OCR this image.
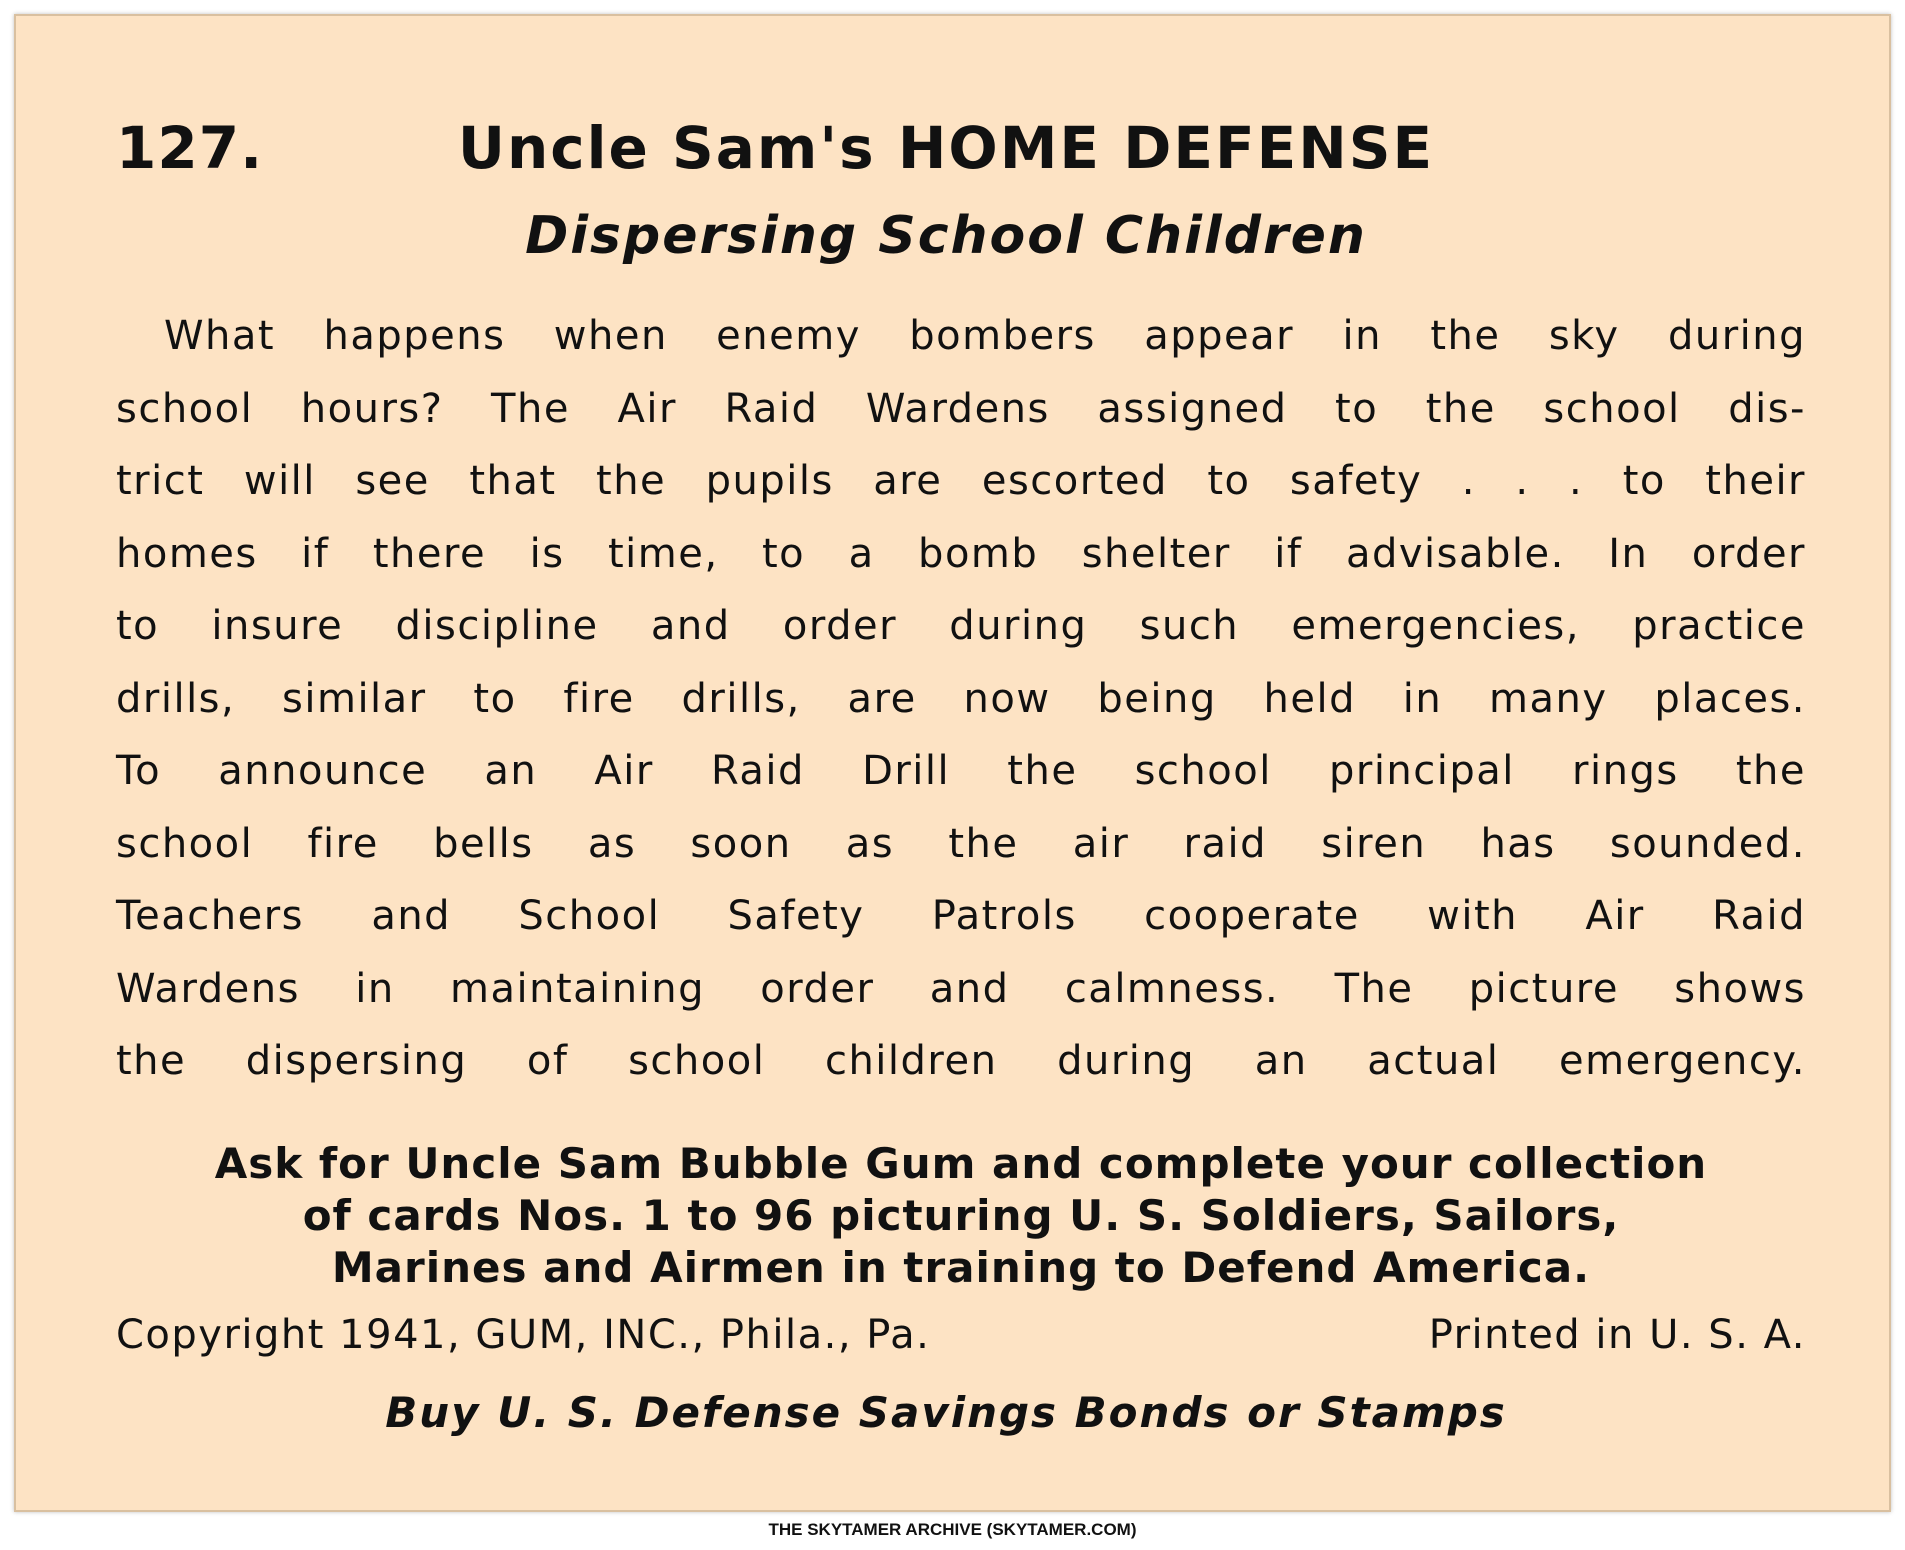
127.	Uncle Sam's HOME DEFENSE
Dispersing School Children
What happens when enemy bombers appear in the sky during
school hours? The Air Raid Wardens assigned to the school dis-
trict will see that the pupils are escorted to safety . . . to their
homes if there is time, to a bomb shelter if advisable. In order
to insure discipline and order during such emergencies, practice
drills, similar to fire drills, are now being held in many places.
To announce an Air Raid Drill the school principal rings the
school fire bells as soon as the air raid siren has sounded.
Teachers and School Safety Patrols cooperate with Air Raid
Wardens in maintaining order and calmness. The picture shows
the dispersing of school children during an actual emergency.
Ask for Uncle Sam Bubble Gum and complete your collection
of cards Nos. 1 to 96 picturing U. S. Soldiers, Sailors,
Marines and Airmen in training to Defend America.
Copyright 1941, GUM, INC., Phila., Pa.	Printed in U. S. A.
Buy U. S. Defense Savings Bonds or Stamps
THE SKYTAMER ARCHIVE (SKYTAMER.COM)
